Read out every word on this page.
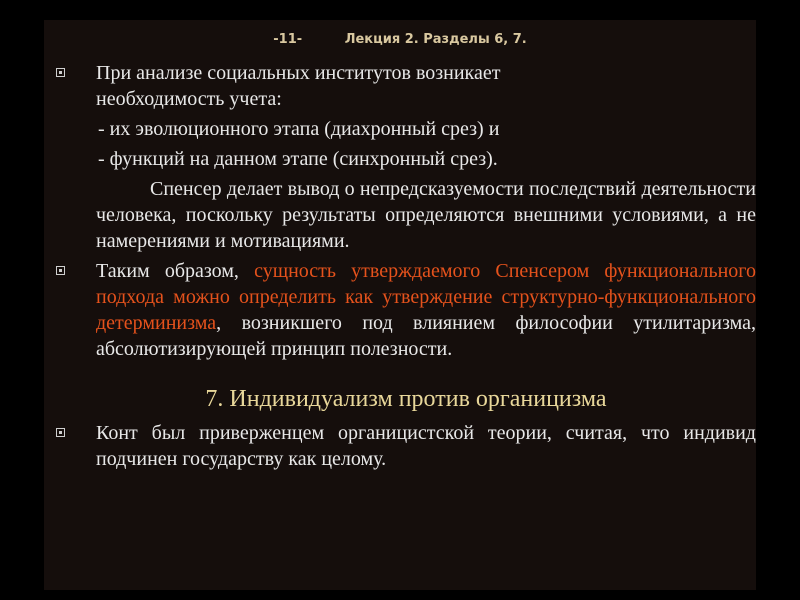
-11-	Лекция 2. Разделы 6, 7.
При анализе социальных институтов возникает
необходимость учета:

- их эволюционного этапа (диахронный срез) и

- функций на данном этапе (синхронный срез).

Спенсер делает вывод о непредсказуемости последствий деятельности человека, поскольку результаты определяются внешними условиями, а не намерениями и мотивациями.

Таким образом, сущность утверждаемого Спенсером функционального подхода можно определить как утверждение структурно-функционального детерминизма, возникшего под влиянием философии утилитаризма, абсолютизирующей принцип полезности.
7. Индивидуализм против органицизма
Конт был приверженцем органицистской теории, считая, что индивид подчинен государству как целому.
